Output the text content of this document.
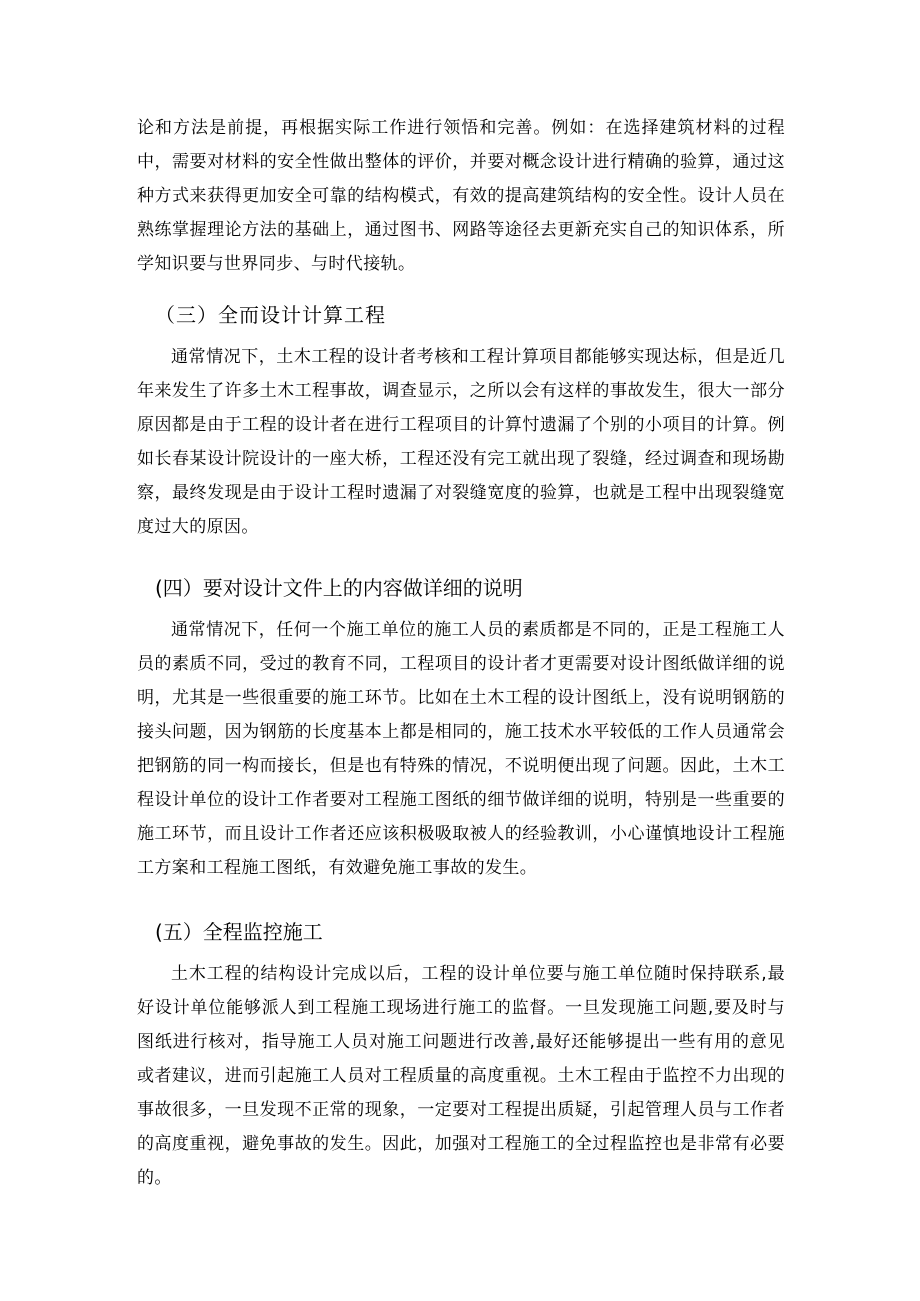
论和方法是前提，再根据实际工作进行领悟和完善。例如：在选择建筑材料的过程中，需要对材料的安全性做出整体的评价，并要对概念设计进行精确的验算，通过这种方式来获得更加安全可靠的结构模式，有效的提高建筑结构的安全性。设计人员在熟练掌握理论方法的基础上，通过图书、网路等途径去更新充实自己的知识体系，所学知识要与世界同步、与时代接轨。

（三）全而设计计算工程

通常情况下，土木工程的设计者考核和工程计算项目都能够实现达标，但是近几年来发生了许多土木工程事故，调查显示，之所以会有这样的事故发生，很大一部分原因都是由于工程的设计者在进行工程项目的计算忖遗漏了个别的小项目的计算。例如长春某设计院设计的一座大桥，工程还没有完工就出现了裂缝，经过调查和现场勘察，最终发现是由于设计工程时遗漏了对裂缝宽度的验算，也就是工程中出现裂缝宽度过大的原因。

(四）要对设计文件上的内容做详细的说明

通常情况下，任何一个施工单位的施工人员的素质都是不同的，正是工程施工人员的素质不同，受过的教育不同，工程项目的设计者才更需要对设计图纸做详细的说明，尤其是一些很重要的施工环节。比如在土木工程的设计图纸上，没有说明钢筋的接头问题，因为钢筋的长度基本上都是相同的，施工技术水平较低的工作人员通常会把钢筋的同一构而接长，但是也有特殊的情况，不说明便出现了问题。因此，土木工程设计单位的设计工作者要对工程施工图纸的细节做详细的说明，特别是一些重要的施工环节，而且设计工作者还应该积极吸取被人的经验教训，小心谨慎地设计工程施工方案和工程施工图纸，有效避免施工事故的发生。

(五）全程监控施工

土木工程的结构设计完成以后，工程的设计单位要与施工单位随时保持联系,最好设计单位能够派人到工程施工现场进行施工的监督。一旦发现施工问题,要及时与图纸进行核对，指导施工人员对施工问题进行改善,最好还能够提出一些有用的意见或者建议，进而引起施工人员对工程质量的高度重视。土木工程由于监控不力出现的事故很多，一旦发现不正常的现象，一定要对工程提出质疑，引起管理人员与工作者的高度重视，避免事故的发生。因此，加强对工程施工的全过程监控也是非常有必要的。
